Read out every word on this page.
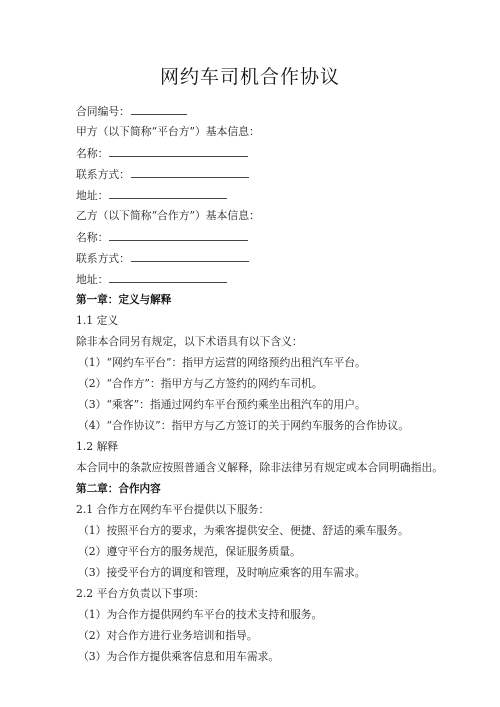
网约车司机合作协议
合同编号：
甲方（以下简称“平台方”）基本信息：
名称：
联系方式：
地址：
乙方（以下简称“合作方”）基本信息：
名称：
联系方式：
地址：
第一章：定义与解释
1.1 定义
除非本合同另有规定，以下术语具有以下含义：
（1）“网约车平台”：指甲方运营的网络预约出租汽车平台。
（2）“合作方”：指甲方与乙方签约的网约车司机。
（3）“乘客”：指通过网约车平台预约乘坐出租汽车的用户。
（4）“合作协议”：指甲方与乙方签订的关于网约车服务的合作协议。
1.2 解释
本合同中的条款应按照普通含义解释，除非法律另有规定或本合同明确指出。
第二章：合作内容
2.1 合作方在网约车平台提供以下服务：
（1）按照平台方的要求，为乘客提供安全、便捷、舒适的乘车服务。
（2）遵守平台方的服务规范，保证服务质量。
（3）接受平台方的调度和管理，及时响应乘客的用车需求。
2.2 平台方负责以下事项：
（1）为合作方提供网约车平台的技术支持和服务。
（2）对合作方进行业务培训和指导。
（3）为合作方提供乘客信息和用车需求。
